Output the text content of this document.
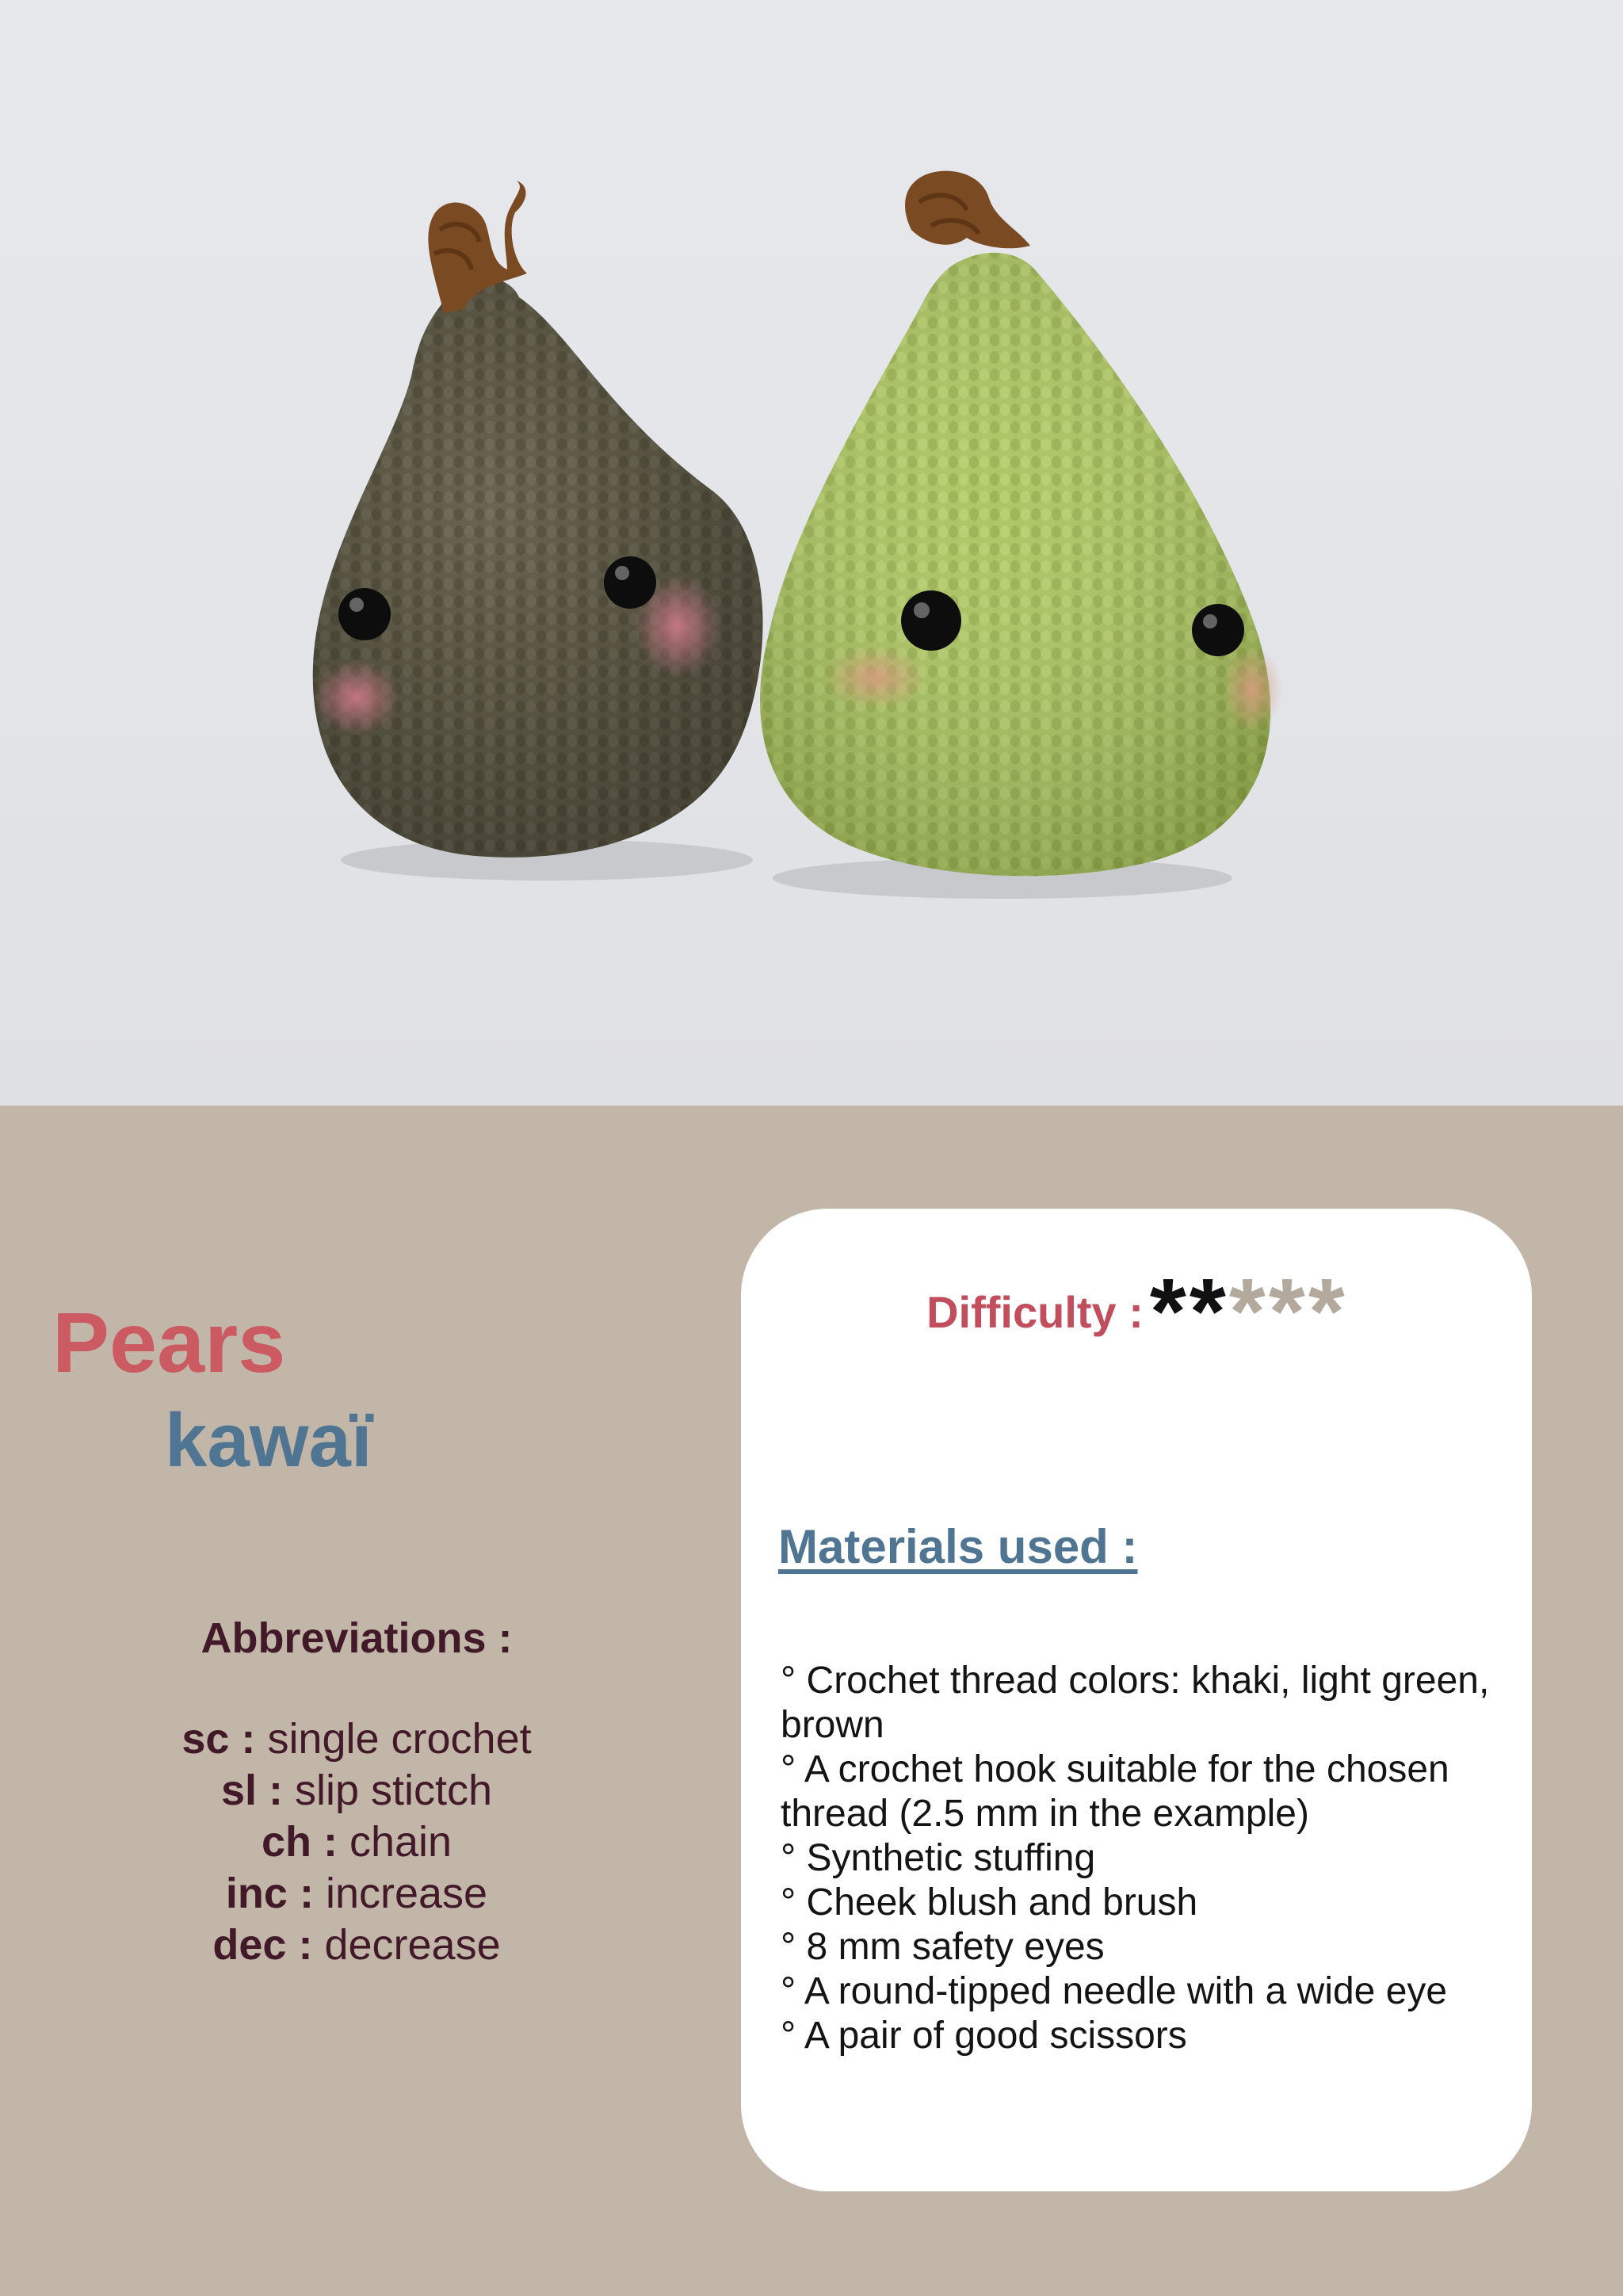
Pears
kawaï
Abbreviations :
sc : single crochet
sl : slip stictch
ch : chain
inc : increase
dec : decrease
Difficulty :*****
Materials used :
° Crochet thread colors: khaki, light green, brown
° A crochet hook suitable for the chosen thread (2.5 mm in the example)
° Synthetic stuffing
° Cheek blush and brush
° 8 mm safety eyes
° A round-tipped needle with a wide eye
° A pair of good scissors
